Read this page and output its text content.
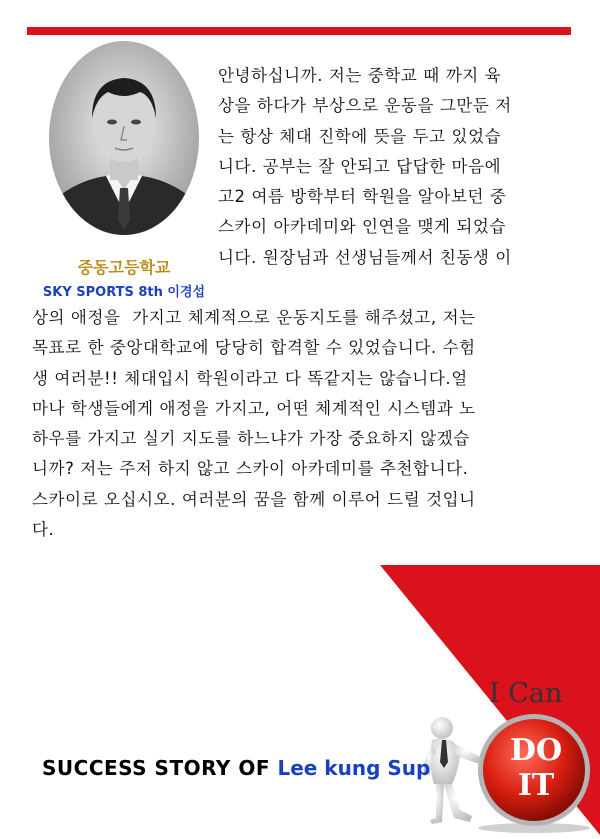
중동고등학교
SKY SPORTS 8th 이경섭
안녕하십니까. 저는 중학교 때 까지 육
상을 하다가 부상으로 운동을 그만둔 저
는 항상 체대 진학에 뜻을 두고 있었습
니다. 공부는 잘 안되고 답답한 마음에
고2 여름 방학부터 학원을 알아보던 중
스카이 아카데미와 인연을 맺게 되었습
니다. 원장님과 선생님들께서 친동생 이
상의 애정을  가지고 체계적으로 운동지도를 해주셨고, 저는
목표로 한 중앙대학교에 당당히 합격할 수 있었습니다. 수험
생 여러분!! 체대입시 학원이라고 다 똑같지는 않습니다.얼
마나 학생들에게 애정을 가지고, 어떤 체계적인 시스템과 노
하우를 가지고 실기 지도를 하느냐가 가장 중요하지 않겠습
니까? 저는 주저 하지 않고 스카이 아카데미를 추천합니다.
스카이로 오십시오. 여러분의 꿈을 함께 이루어 드릴 것입니
다.
I Can
DO
IT
SUCCESS STORY OF Lee kung Sup
